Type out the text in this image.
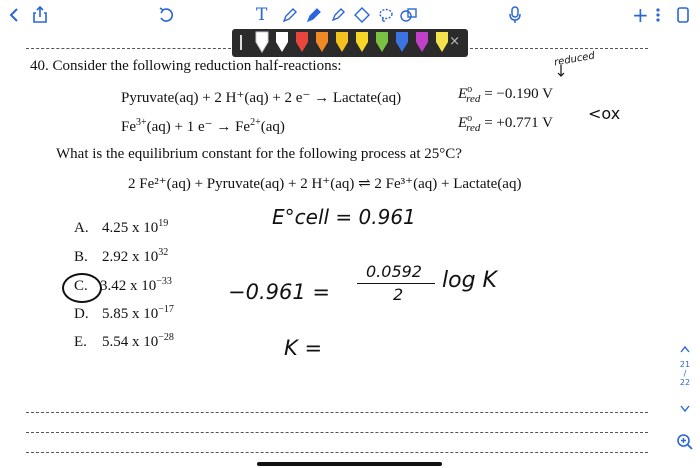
T	+
×
40. Consider the following reduction half-reactions:
Pyruvate(aq) + 2 H⁺(aq) + 2 e⁻ → Lactate(aq)	$E^o_{red} = -0.190$ V
$Fe^{3+}(aq) + 1$ $e^- \to Fe^{2+}(aq)$	$E^o_{red} = +0.771$ V
What is the equilibrium constant for the following process at 25°C?
2 Fe²⁺(aq) + Pyruvate(aq) + 2 H⁺(aq) ⇌ 2 Fe³⁺(aq) + Lactate(aq)
A. 4.25 x $10^{19}$
B. 2.92 x $10^{32}$
C. 3.42 x $10^{-33}$
D. 5.85 x $10^{-17}$
E. 5.54 x $10^{-28}$
reduced
<ox
E°cell = 0.961
−0.961 =
0.0592
2
log K
K =
21
/
22
